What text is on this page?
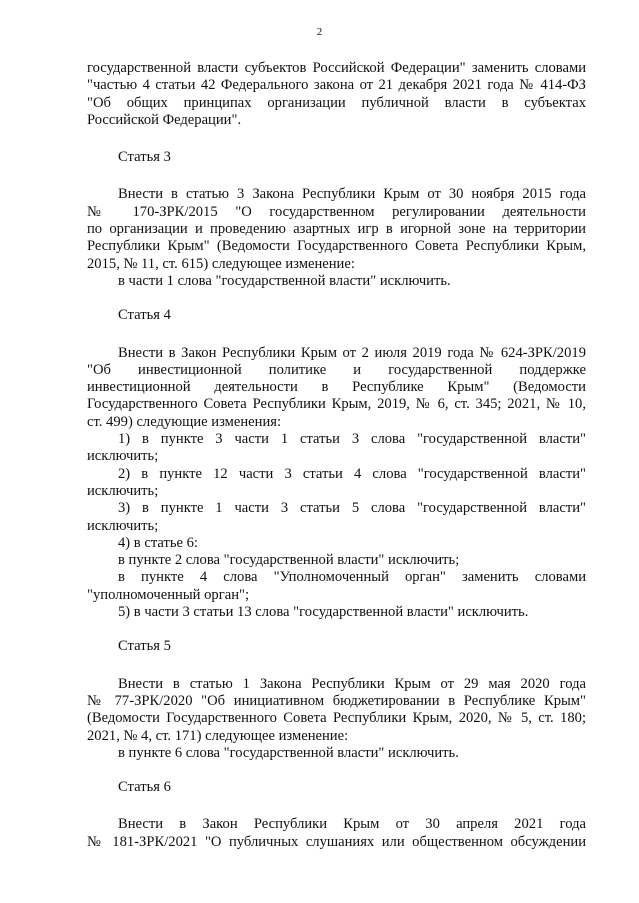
2

государственной власти субъектов Российской Федерации" заменить словами

"частью 4 статьи 42 Федерального закона от 21 декабря 2021 года № 414-ФЗ

"Об общих принципах организации публичной власти в субъектах

Российской Федерации".

Статья 3

Внести в статью 3 Закона Республики Крым от 30 ноября 2015 года

№ 170-ЗРК/2015 "О государственном регулировании деятельности

по организации и проведению азартных игр в игорной зоне на территории

Республики Крым" (Ведомости Государственного Совета Республики Крым,

2015, № 11, ст. 615) следующее изменение:

в части 1 слова "государственной власти" исключить.

Статья 4

Внести в Закон Республики Крым от 2 июля 2019 года № 624-ЗРК/2019

"Об инвестиционной политике и государственной поддержке

инвестиционной деятельности в Республике Крым" (Ведомости

Государственного Совета Республики Крым, 2019, № 6, ст. 345; 2021, № 10,

ст. 499) следующие изменения:

1) в пункте 3 части 1 статьи 3 слова "государственной власти"

исключить;

2) в пункте 12 части 3 статьи 4 слова "государственной власти"

исключить;

3) в пункте 1 части 3 статьи 5 слова "государственной власти"

исключить;

4) в статье 6:

в пункте 2 слова "государственной власти" исключить;

в пункте 4 слова "Уполномоченный орган" заменить словами

"уполномоченный орган";

5) в части 3 статьи 13 слова "государственной власти" исключить.

Статья 5

Внести в статью 1 Закона Республики Крым от 29 мая 2020 года

№ 77-ЗРК/2020 "Об инициативном бюджетировании в Республике Крым"

(Ведомости Государственного Совета Республики Крым, 2020, № 5, ст. 180;

2021, № 4, ст. 171) следующее изменение:

в пункте 6 слова "государственной власти" исключить.

Статья 6

Внести в Закон Республики Крым от 30 апреля 2021 года

№ 181-ЗРК/2021 "О публичных слушаниях или общественном обсуждении
